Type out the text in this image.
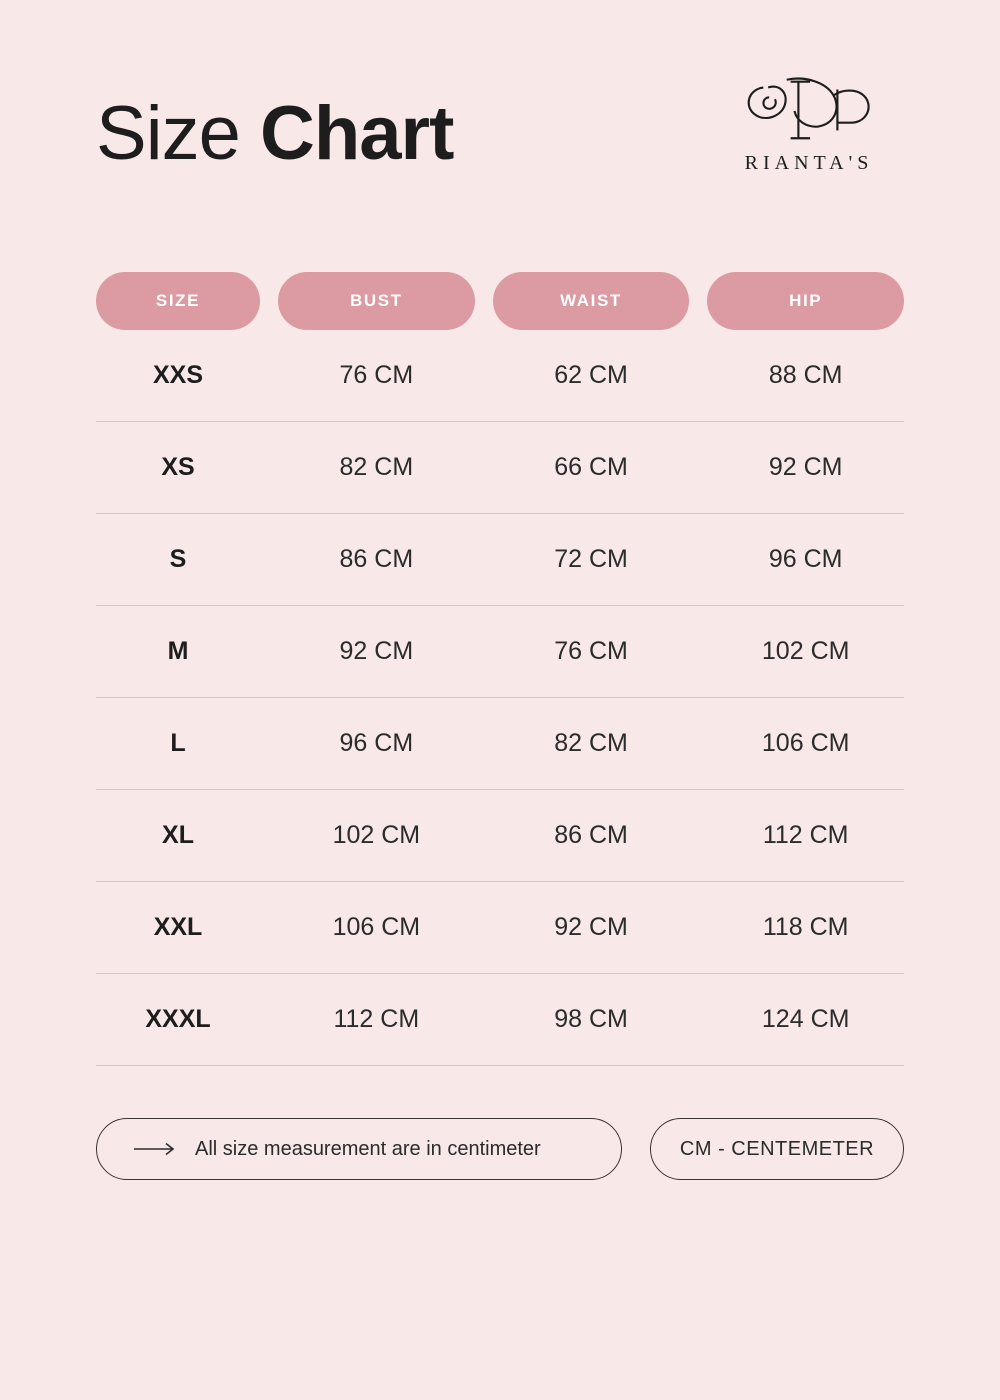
Size Chart	RIANTA'S
SIZE	BUST	WAIST	HIP
XXS	76 CM	62 CM	88 CM
XS	82 CM	66 CM	92 CM
S	86 CM	72 CM	96 CM
M	92 CM	76 CM	102 CM
L	96 CM	82 CM	106 CM
XL	102 CM	86 CM	112 CM
XXL	106 CM	92 CM	118 CM
XXXL	112 CM	98 CM	124 CM
All size measurement are in centimeter	CM - CENTEMETER
